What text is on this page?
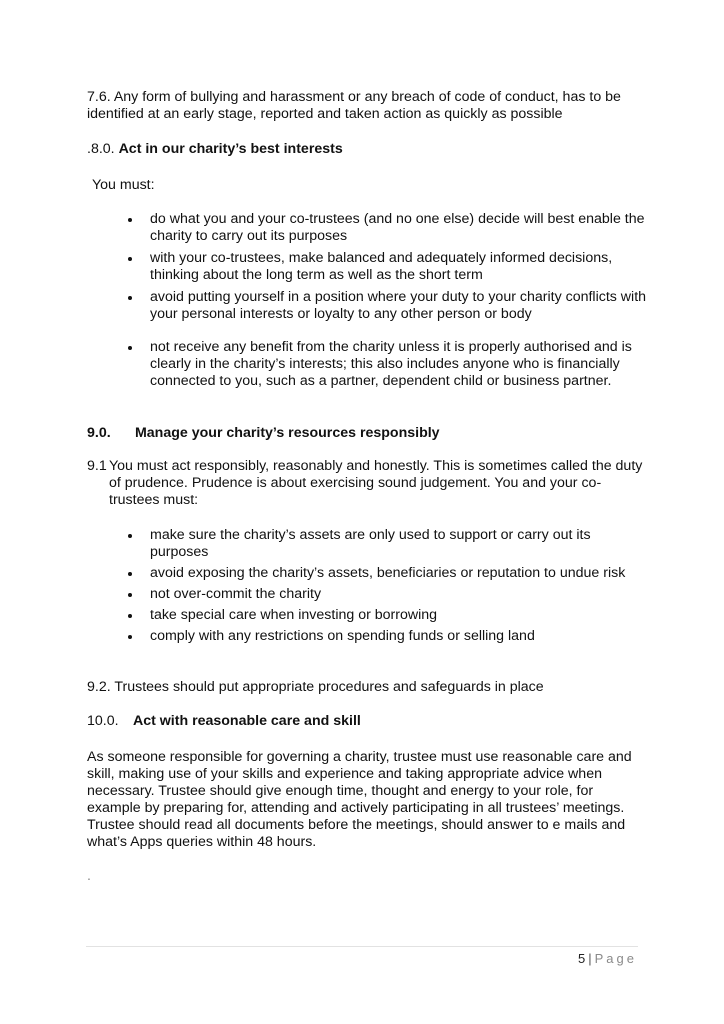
7.6. Any form of bullying and harassment or any breach of code of conduct, has to be identified at an early stage, reported and taken action as quickly as possible

.8.0. Act in our charity’s best interests
You must:
do what you and your co-trustees (and no one else) decide will best enable the charity to carry out its purposes
with your co-trustees, make balanced and adequately informed decisions, thinking about the long term as well as the short term
avoid putting yourself in a position where your duty to your charity conflicts with your personal interests or loyalty to any other person or body
not receive any benefit from the charity unless it is properly authorised and is clearly in the charity’s interests; this also includes anyone who is financially connected to you, such as a partner, dependent child or business partner.
9.0. Manage your charity’s resources responsibly
9.1 You must act responsibly, reasonably and honestly. This is sometimes called the duty of prudence. Prudence is about exercising sound judgement. You and your co-trustees must:
make sure the charity’s assets are only used to support or carry out its purposes
avoid exposing the charity’s assets, beneficiaries or reputation to undue risk
not over-commit the charity
take special care when investing or borrowing
comply with any restrictions on spending funds or selling land
9.2. Trustees should put appropriate procedures and safeguards in place
10.0. Act with reasonable care and skill

As someone responsible for governing a charity, trustee must use reasonable care and skill, making use of your skills and experience and taking appropriate advice when necessary. Trustee should give enough time, thought and energy to your role, for example by preparing for, attending and actively participating in all trustees’ meetings. Trustee should read all documents before the meetings, should answer to e mails and what’s Apps queries within 48 hours.

.
5 | Page
